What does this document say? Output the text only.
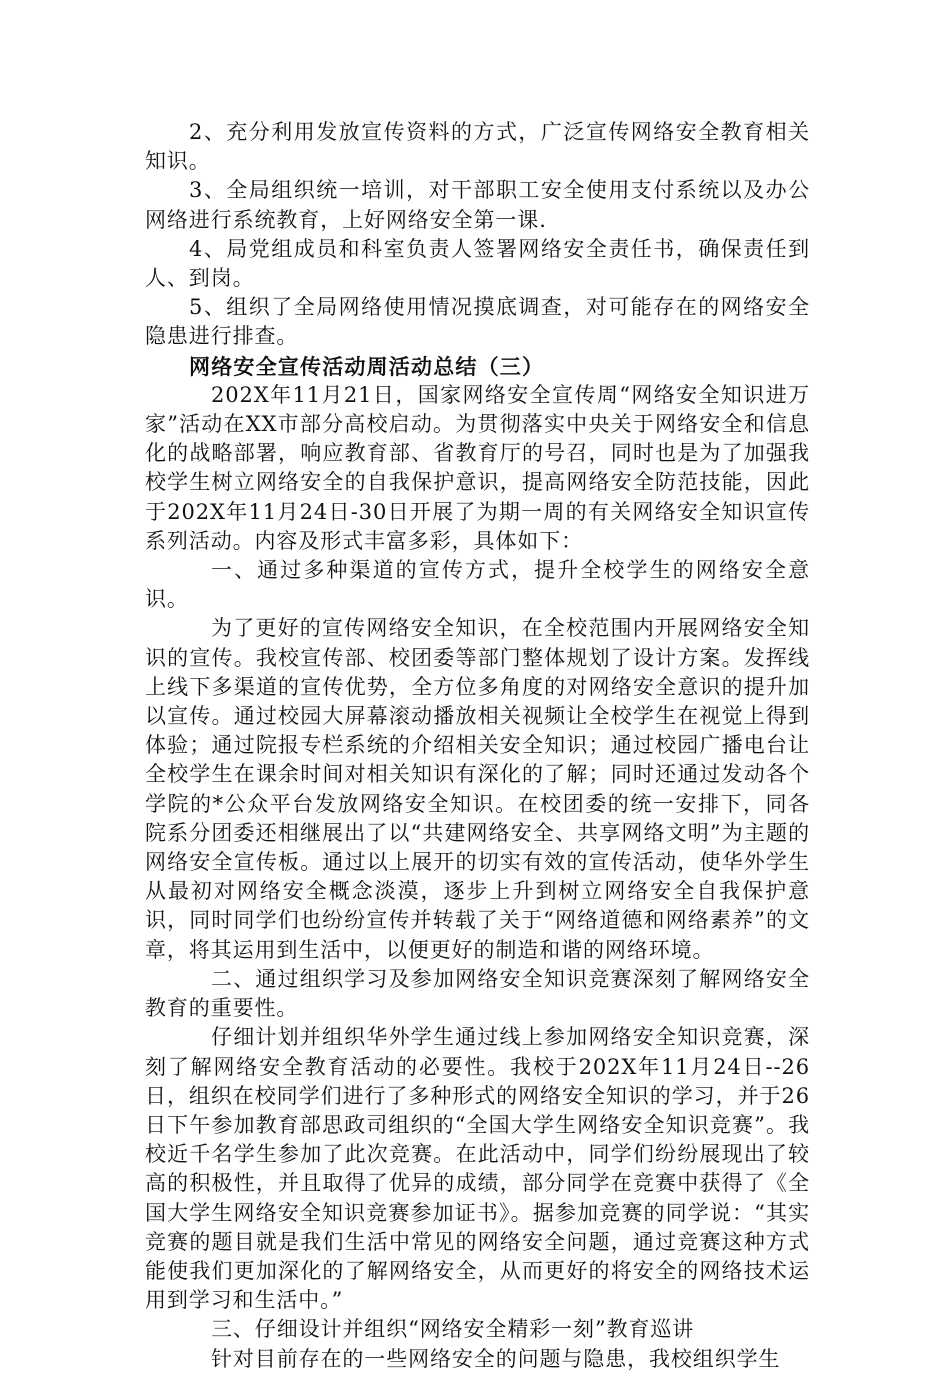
2、充分利用发放宣传资料的方式，广泛宣传网络安全教育相关知识。

3、全局组织统一培训，对干部职工安全使用支付系统以及办公网络进行系统教育，上好网络安全第一课.

4、局党组成员和科室负责人签署网络安全责任书，确保责任到人、到岗。

5、组织了全局网络使用情况摸底调查，对可能存在的网络安全隐患进行排查。

网络安全宣传活动周活动总结（三）

202X年11月21日，国家网络安全宣传周“网络安全知识进万家”活动在XX市部分高校启动。为贯彻落实中央关于网络安全和信息化的战略部署，响应教育部、省教育厅的号召，同时也是为了加强我校学生树立网络安全的自我保护意识，提高网络安全防范技能，因此于202X年11月24日-30日开展了为期一周的有关网络安全知识宣传系列活动。内容及形式丰富多彩，具体如下：

一、通过多种渠道的宣传方式，提升全校学生的网络安全意识。

为了更好的宣传网络安全知识，在全校范围内开展网络安全知识的宣传。我校宣传部、校团委等部门整体规划了设计方案。发挥线上线下多渠道的宣传优势，全方位多角度的对网络安全意识的提升加以宣传。通过校园大屏幕滚动播放相关视频让全校学生在视觉上得到体验；通过院报专栏系统的介绍相关安全知识；通过校园广播电台让全校学生在课余时间对相关知识有深化的了解；同时还通过发动各个学院的*公众平台发放网络安全知识。在校团委的统一安排下，同各院系分团委还相继展出了以“共建网络安全、共享网络文明”为主题的网络安全宣传板。通过以上展开的切实有效的宣传活动，使华外学生从最初对网络安全概念淡漠，逐步上升到树立网络安全自我保护意识，同时同学们也纷纷宣传并转载了关于“网络道德和网络素养”的文章，将其运用到生活中，以便更好的制造和谐的网络环境。

二、通过组织学习及参加网络安全知识竞赛深刻了解网络安全教育的重要性。

仔细计划并组织华外学生通过线上参加网络安全知识竞赛，深刻了解网络安全教育活动的必要性。我校于202X年11月24日--26日，组织在校同学们进行了多种形式的网络安全知识的学习，并于26日下午参加教育部思政司组织的“全国大学生网络安全知识竞赛”。我校近千名学生参加了此次竞赛。在此活动中，同学们纷纷展现出了较高的积极性，并且取得了优异的成绩，部分同学在竞赛中获得了《全国大学生网络安全知识竞赛参加证书》。据参加竞赛的同学说：“其实竞赛的题目就是我们生活中常见的网络安全问题，通过竞赛这种方式能使我们更加深化的了解网络安全，从而更好的将安全的网络技术运用到学习和生活中。”

三、仔细设计并组织“网络安全精彩一刻”教育巡讲

针对目前存在的一些网络安全的问题与隐患，我校组织学生
